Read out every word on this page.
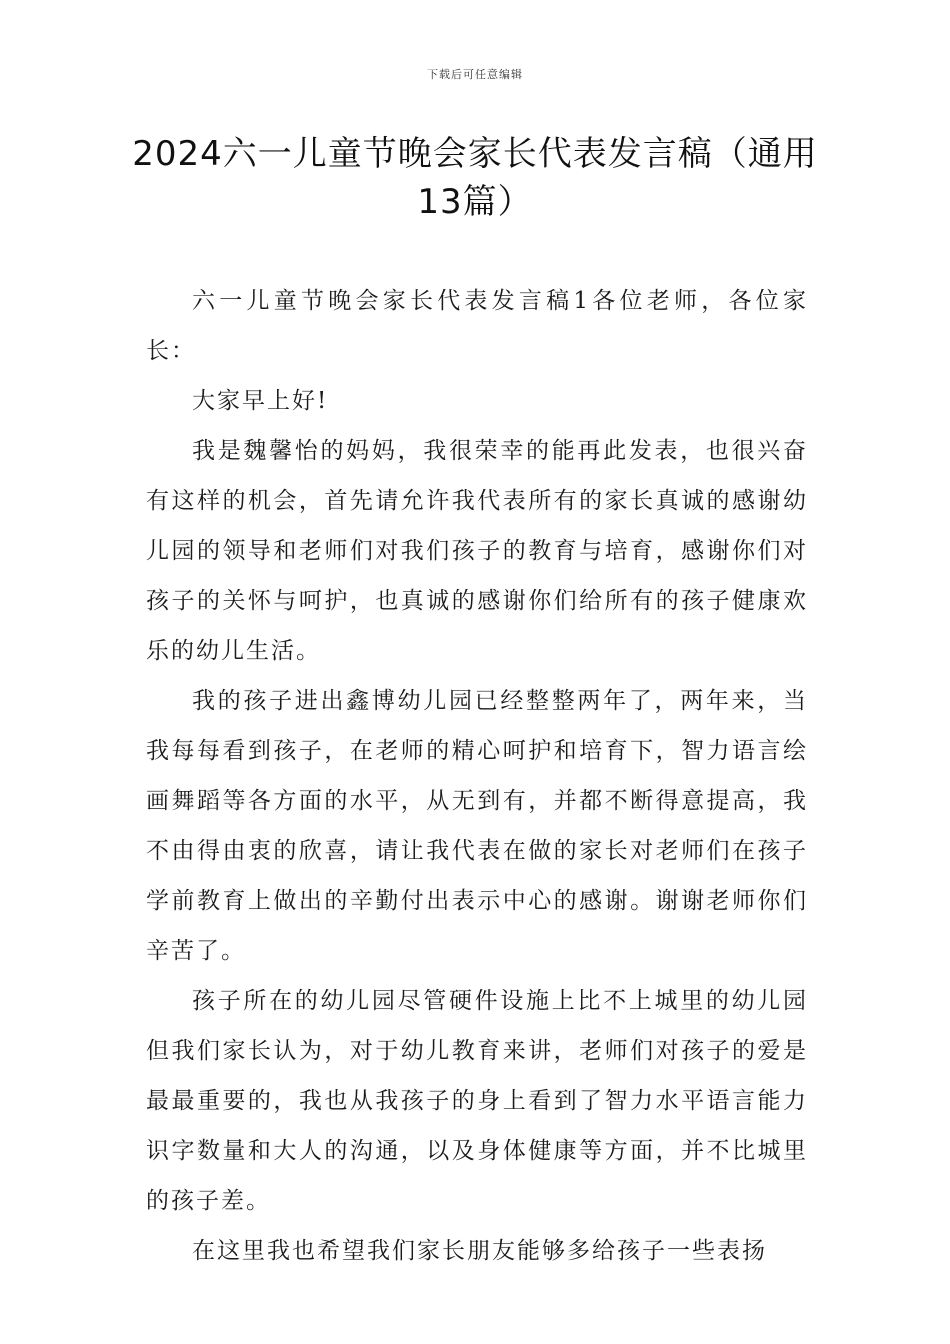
下载后可任意编辑
2024六一儿童节晚会家长代表发言稿（通用13篇）

六一儿童节晚会家长代表发言稿1各位老师，各位家长：

大家早上好!

我是魏馨怡的妈妈，我很荣幸的能再此发表，也很兴奋有这样的机会，首先请允许我代表所有的家长真诚的感谢幼儿园的领导和老师们对我们孩子的教育与培育，感谢你们对孩子的关怀与呵护，也真诚的感谢你们给所有的孩子健康欢乐的幼儿生活。

我的孩子进出鑫博幼儿园已经整整两年了，两年来，当我每每看到孩子，在老师的精心呵护和培育下，智力语言绘画舞蹈等各方面的水平，从无到有，并都不断得意提高，我不由得由衷的欣喜，请让我代表在做的家长对老师们在孩子学前教育上做出的辛勤付出表示中心的感谢。谢谢老师你们辛苦了。

孩子所在的幼儿园尽管硬件设施上比不上城里的幼儿园但我们家长认为，对于幼儿教育来讲，老师们对孩子的爱是最最重要的，我也从我孩子的身上看到了智力水平语言能力识字数量和大人的沟通，以及身体健康等方面，并不比城里的孩子差。

在这里我也希望我们家长朋友能够多给孩子一些表扬
